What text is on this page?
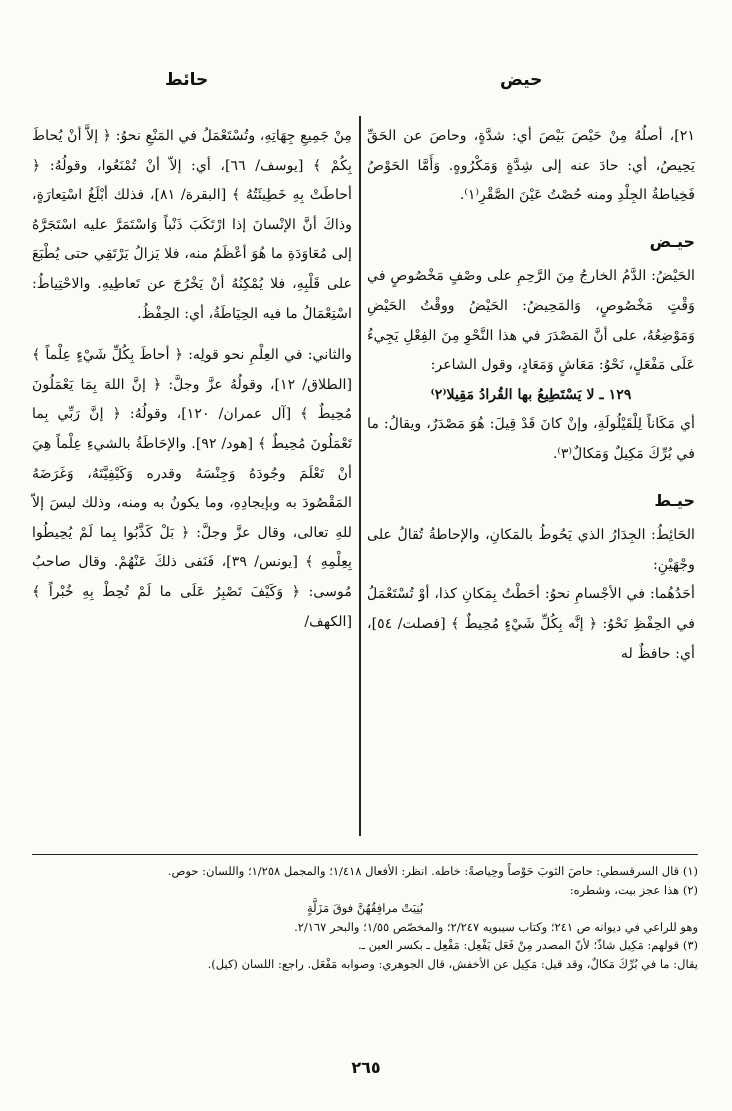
حيض
حائط

٢١]، أصلُهُ مِنْ حَيْصَ بَيْصَ أي: شدَّةٍ، وحاصَ عن الحَقِّ يَحِيصُ، أي: حادَ عنه إلى شِدَّةٍ وَمَكْرُوهٍ. وَأَمَّا الحَوْصُ فَخِياطةُ الجِلْدِ ومنه حُصْتُ عَيْنَ الصَّقْرِ⁽١⁾.

حيـض

الحَيْضُ: الدَّمُ الخارجُ مِنَ الرَّحِمِ على وصْفٍ مَخْصُوصٍ في وَقْتٍ مَخْصُوصٍ، وَالمَحِيضُ: الحَيْضُ ووقْتُ الحَيْضِ وَمَوْضِعُهُ، على أنَّ المَصْدَرَ في هذا النَّحْوِ مِنَ الفِعْلِ يَجِيءُ عَلَى مَفْعَلٍ، نَحْوُ: مَعَاشٍ وَمَعَادٍ، وقول الشاعر:

١٢٩ ـ لا يَسْتَطِيعُ بها القُرادُ مَقِيلا⁽٢⁾

أي مَكَاناً لِلْقَيْلُولَةِ، وإنْ كانَ قَدْ قِيلَ: هُوَ مَصْدَرٌ، ويقالُ: ما في بُرِّكَ مَكِيلٌ وَمَكالٌ⁽٣⁾.

حيـط

الحَائِطُ: الجِدَارُ الذي يَحُوطُ بالمَكانِ، والإحاطةُ تُقالُ على وجْهَيْنِ:

أحَدُهُما: في الأجْسامِ نحوُ: أحَطْتُ بِمَكانِ كذا، أوْ تُسْتَعْمَلُ في الحِفْظِ نَحْوُ: ﴿ إنَّه بِكُلِّ شَيْءٍ مُحِيطٌ ﴾ [فصلت/ ٥٤]، أي: حافظٌ له

مِنْ جَمِيعِ جِهَاتِهِ، وتُسْتَعْمَلُ في المَنْعِ نحوُ: ﴿ إلاَّ أنْ يُحاطَ بِكُمْ ﴾ [يوسف/ ٦٦]، أي: إلاّ أنْ تُمْنَعُوا، وقولُهُ: ﴿ أحاطَتْ بِهِ خَطِيئَتُهُ ﴾ [البقرة/ ٨١]، فذلك أبْلَغُ اسْتِعارَةٍ، وذاكَ أنَّ الإنْسانَ إذا ارْتَكَبَ ذَنْباً وَاسْتَمَرَّ عليه اسْتَجَرَّهُ إلى مُعَاوَدَةِ ما هُوَ أعْظَمُ منه، فلا يَزالُ يَرْتَقِي حتى يُطْبَعَ على قَلْبِهِ، فلا يُمْكِنُهُ أنْ يَخْرُجَ عن تَعاطِيهِ. والاحْتِياطُ: اسْتِعْمَالُ ما فيه الحِيَاطَةُ، أي: الحِفْظُ.

والثاني: في العِلْمِ نحو قولِه: ﴿ أحاطَ بِكُلِّ شَيْءٍ عِلْماً ﴾ [الطلاق/ ١٢]، وقولُهُ عزَّ وجلَّ: ﴿ إنَّ اللهَ بِمَا يَعْمَلُونَ مُحِيطٌ ﴾ [آل عمران/ ١٢٠]، وقولُهُ: ﴿ إنَّ رَبِّي بِما تَعْمَلُونَ مُحِيطٌ ﴾ [هود/ ٩٢]. والإحَاطَةُ بالشيءِ عِلْماً هِيَ أنْ تَعْلَمَ وجُودَهُ وَجِنْسَهُ وقدره وَكَيْفِيَّتَهُ، وَغَرَضَهُ المَقْصُودَ به وبإيجادِهِ، وما يكونُ به ومنه، وذلك ليسَ إلاّ للهِ تعالى، وقال عزَّ وجلَّ: ﴿ بَلْ كَذَّبُوا بِما لَمْ يُحِيطُوا بِعِلْمِهِ ﴾ [يونس/ ٣٩]، فَنَفى ذلكَ عَنْهُمْ. وقال صاحبُ مُوسى: ﴿ وَكَيْفَ تَصْبِرُ عَلَى ما لَمْ تُحِطْ بِهِ خُبْراً ﴾ [الكهف/

(١) قال السرقسطي: حاصَ الثوبَ حَوْصاً وحِياصةً: خاطه. انظر: الأفعال ١/٤١٨؛ والمجمل ١/٢٥٨؛ واللسان: حوص.

(٢) هذا عجز بيت، وشطره:

بُنِيَتْ مرافِقُهُنَّ فوقَ مَزَلَّةٍ

وهو للراعي في ديوانه ص ٢٤١؛ وكتاب سيبويه ٢/٢٤٧؛ والمخصّص ١/٥٥؛ والبحر ٢/١٦٧.

(٣) قولهم: مَكِيل شاذّ؛ لأنّ المصدر مِنْ فَعَل يَفْعِل: مَفْعِل ـ بكسر العين ـ.

يقال: ما في بُرِّكَ مَكالٌ، وقد قيل: مَكِيل عن الأخفش، قال الجوهري: وصوابه مَفْعَل. راجع: اللسان (كيل).

٢٦٥
